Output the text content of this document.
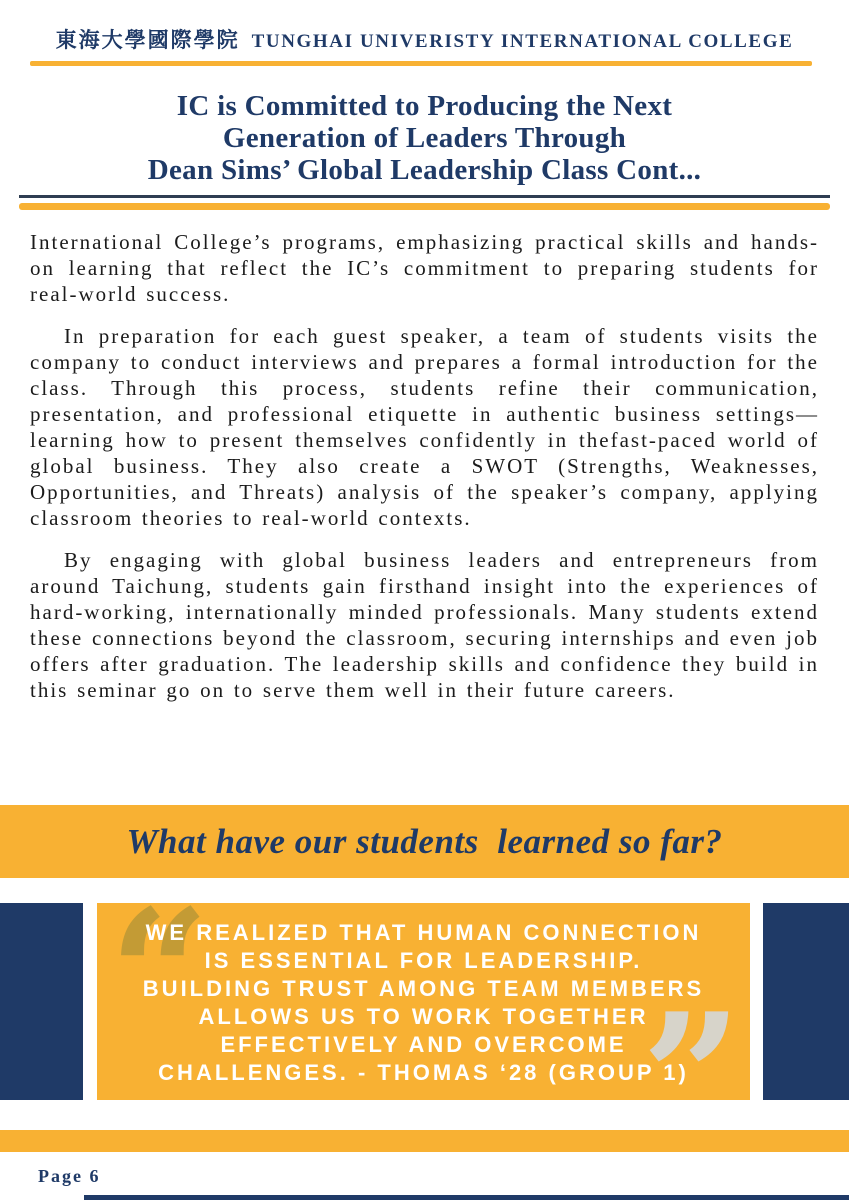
東海大學國際學院 TUNGHAI UNIVERISTY INTERNATIONAL COLLEGE
IC is Committed to Producing the Next
Generation of Leaders Through
Dean Sims’ Global Leadership Class Cont...

International College’s programs, emphasizing practical skills and hands-on learning that reflect the IC’s commitment to preparing students for real-world success.

In preparation for each guest speaker, a team of students visits the company to conduct interviews and prepares a formal introduction for the class. Through this process, students refine their communication, presentation, and professional etiquette in authentic business settings—learning how to present themselves confidently in thefast-paced world of global business. They also create a SWOT (Strengths, Weaknesses, Opportunities, and Threats) analysis of the speaker’s company, applying classroom theories to real-world contexts.

By engaging with global business leaders and entrepreneurs from around Taichung, students gain firsthand insight into the experiences of hard-working, internationally minded professionals. Many students extend these connections beyond the classroom, securing internships and even job offers after graduation. The leadership skills and confidence they build in this seminar go on to serve them well in their future careers.

What have our students  learned so far?
“
”
WE REALIZED THAT HUMAN CONNECTION
IS ESSENTIAL FOR LEADERSHIP.
BUILDING TRUST AMONG TEAM MEMBERS
ALLOWS US TO WORK TOGETHER
EFFECTIVELY AND OVERCOME
CHALLENGES. - THOMAS ‘28 (GROUP 1)
Page 6
